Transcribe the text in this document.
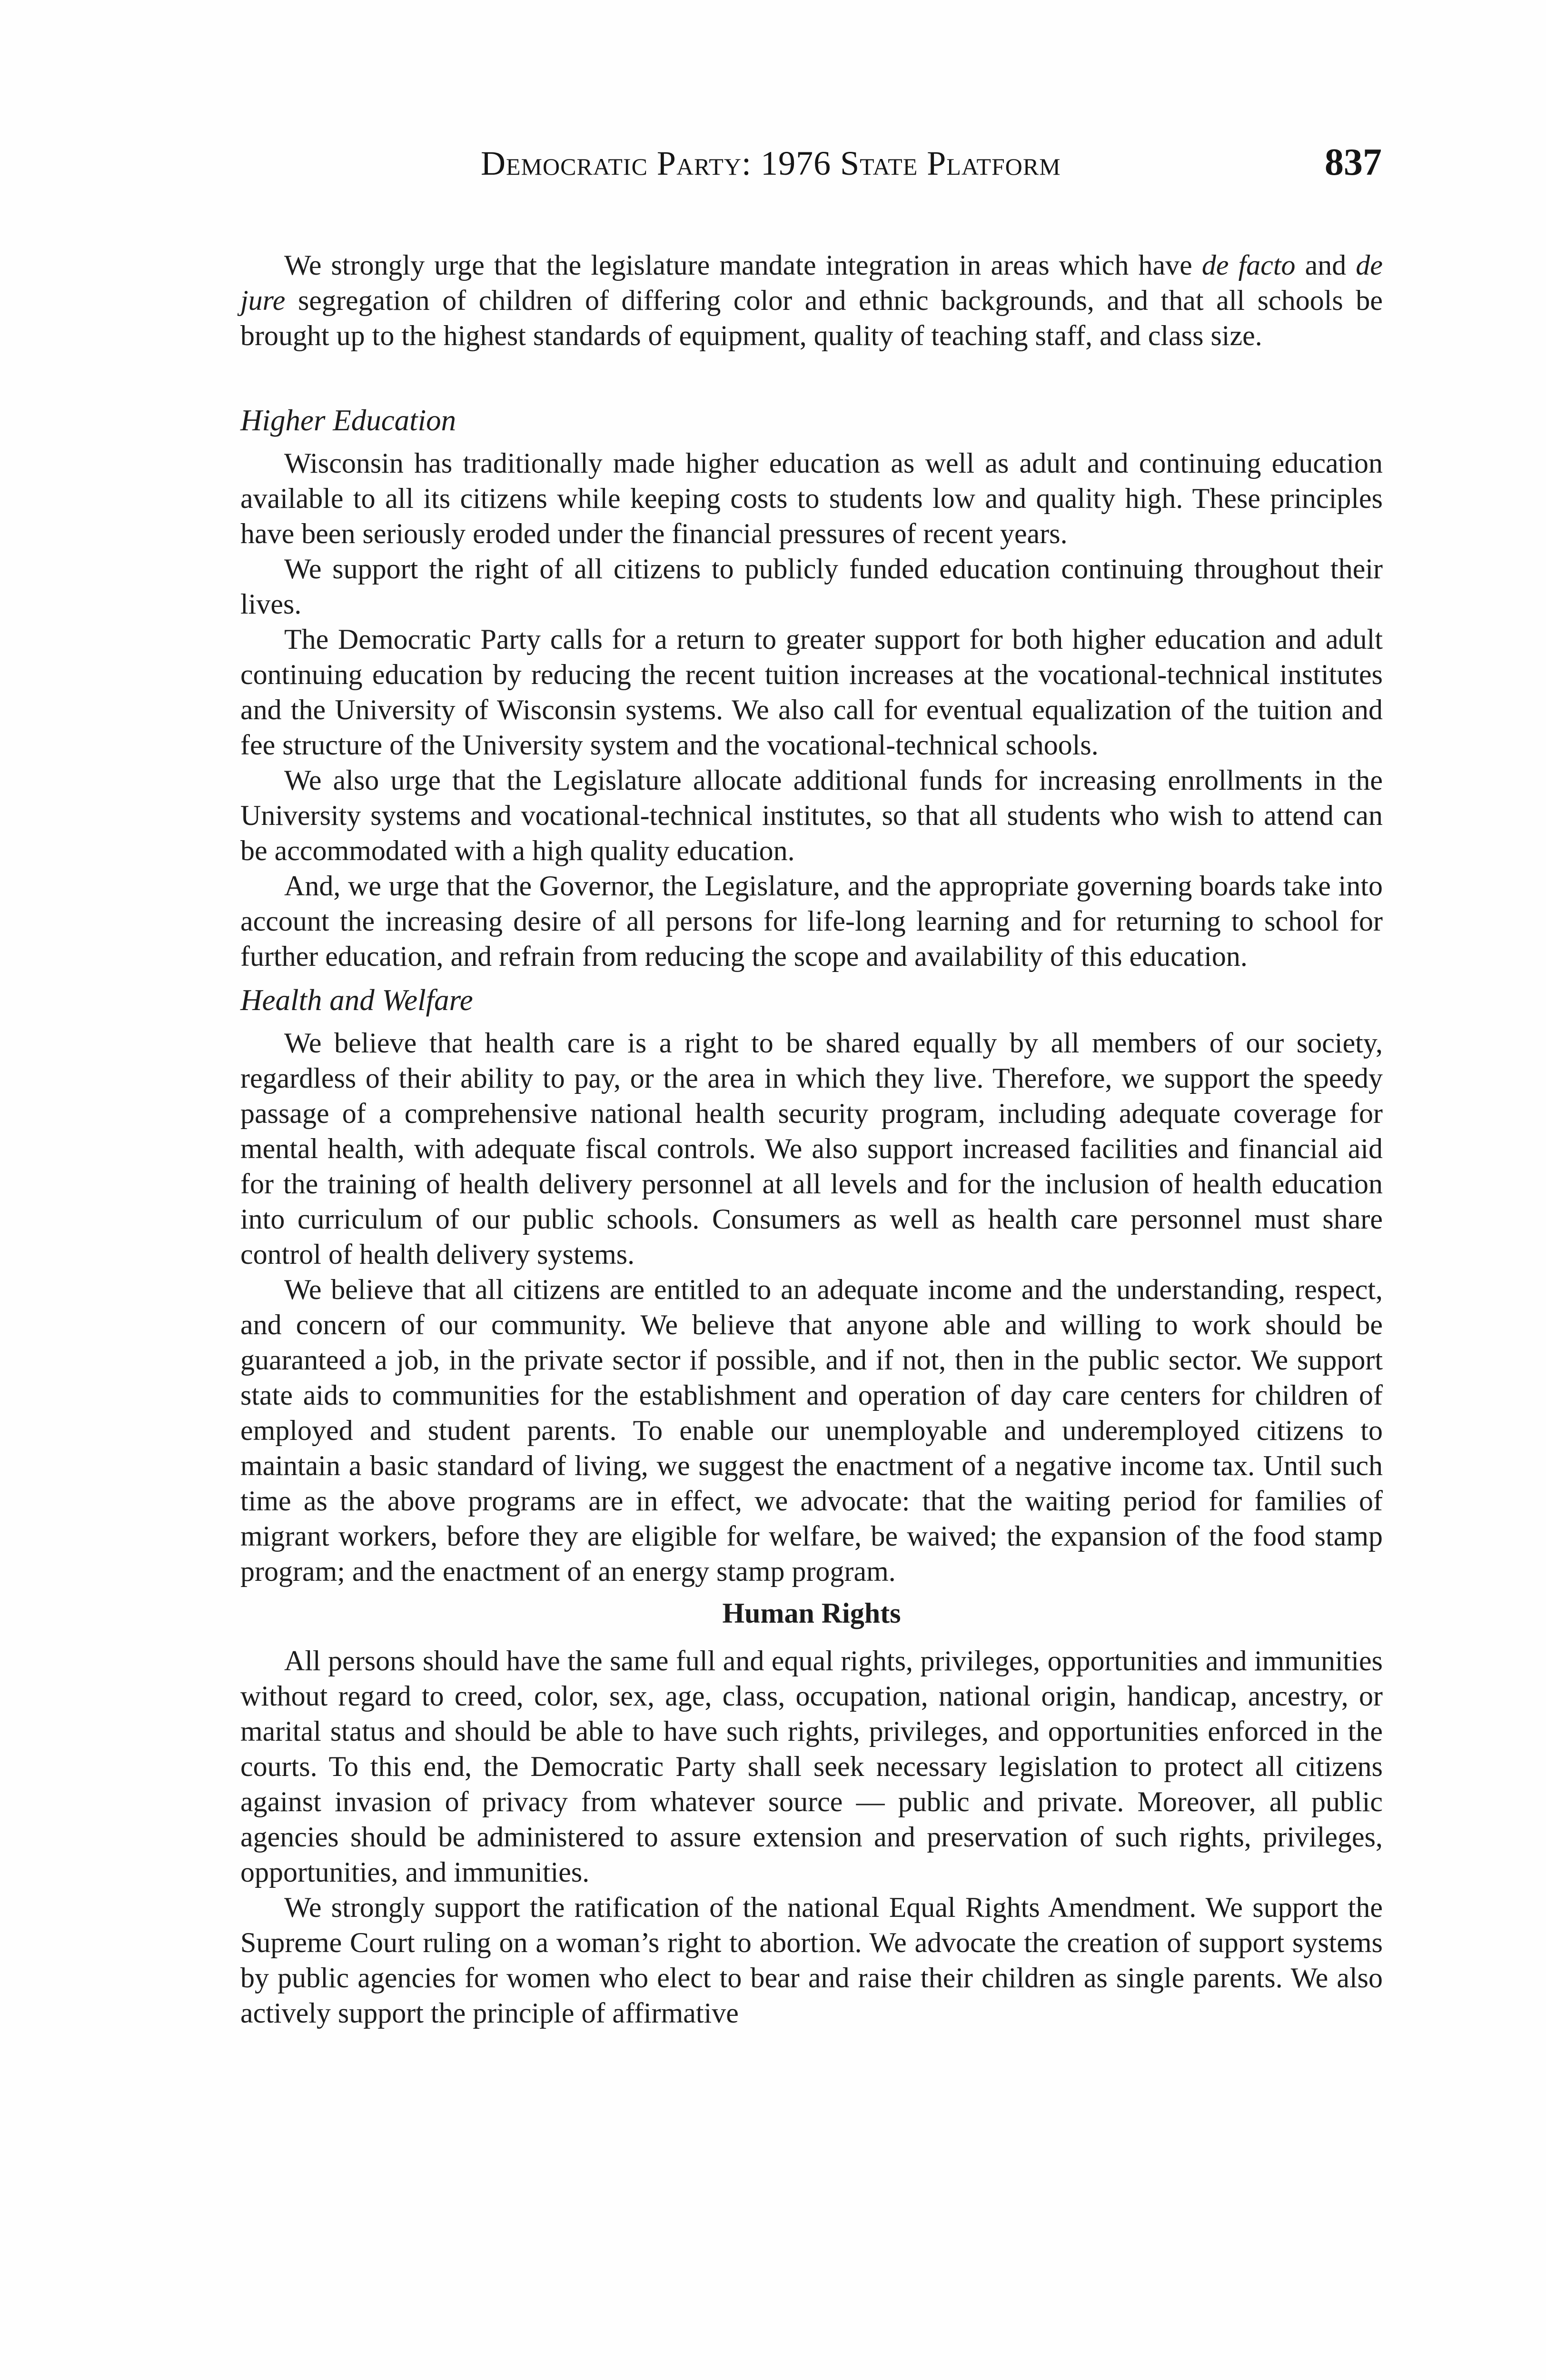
Democratic Party: 1976 State Platform	837

We strongly urge that the legislature mandate integration in areas which have de facto and de jure segregation of children of differing color and ethnic backgrounds, and that all schools be brought up to the highest standards of equipment, quality of teaching staff, and class size.

Higher Education

Wisconsin has traditionally made higher education as well as adult and continuing education available to all its citizens while keeping costs to students low and quality high. These principles have been seriously eroded under the financial pressures of recent years.

We support the right of all citizens to publicly funded education continuing throughout their lives.

The Democratic Party calls for a return to greater support for both higher education and adult continuing education by reducing the recent tuition increases at the vocational-technical institutes and the University of Wisconsin systems. We also call for eventual equalization of the tuition and fee structure of the University system and the vocational-technical schools.

We also urge that the Legislature allocate additional funds for increasing enrollments in the University systems and vocational-technical institutes, so that all students who wish to attend can be accommodated with a high quality education.

And, we urge that the Governor, the Legislature, and the appropriate governing boards take into account the increasing desire of all persons for life-long learning and for returning to school for further education, and refrain from reducing the scope and availability of this education.

Health and Welfare

We believe that health care is a right to be shared equally by all members of our society, regardless of their ability to pay, or the area in which they live. Therefore, we support the speedy passage of a comprehensive national health security program, including adequate coverage for mental health, with adequate fiscal controls. We also support increased facilities and financial aid for the training of health delivery personnel at all levels and for the inclusion of health education into curriculum of our public schools. Consumers as well as health care personnel must share control of health delivery systems.

We believe that all citizens are entitled to an adequate income and the understanding, respect, and concern of our community. We believe that anyone able and willing to work should be guaranteed a job, in the private sector if possible, and if not, then in the public sector. We support state aids to communities for the establishment and operation of day care centers for children of employed and student parents. To enable our unemployable and underemployed citizens to maintain a basic standard of living, we suggest the enactment of a negative income tax. Until such time as the above programs are in effect, we advocate: that the waiting period for families of migrant workers, before they are eligible for welfare, be waived; the expansion of the food stamp program; and the enactment of an energy stamp program.

Human Rights

All persons should have the same full and equal rights, privileges, opportunities and immunities without regard to creed, color, sex, age, class, occupation, national origin, handicap, ancestry, or marital status and should be able to have such rights, privileges, and opportunities enforced in the courts. To this end, the Democratic Party shall seek necessary legislation to protect all citizens against invasion of privacy from whatever source — public and private. Moreover, all public agencies should be administered to assure extension and preservation of such rights, privileges, opportunities, and immunities.

We strongly support the ratification of the national Equal Rights Amendment. We support the Supreme Court ruling on a woman’s right to abortion. We advocate the creation of support systems by public agencies for women who elect to bear and raise their children as single parents. We also actively support the principle of affirmative
